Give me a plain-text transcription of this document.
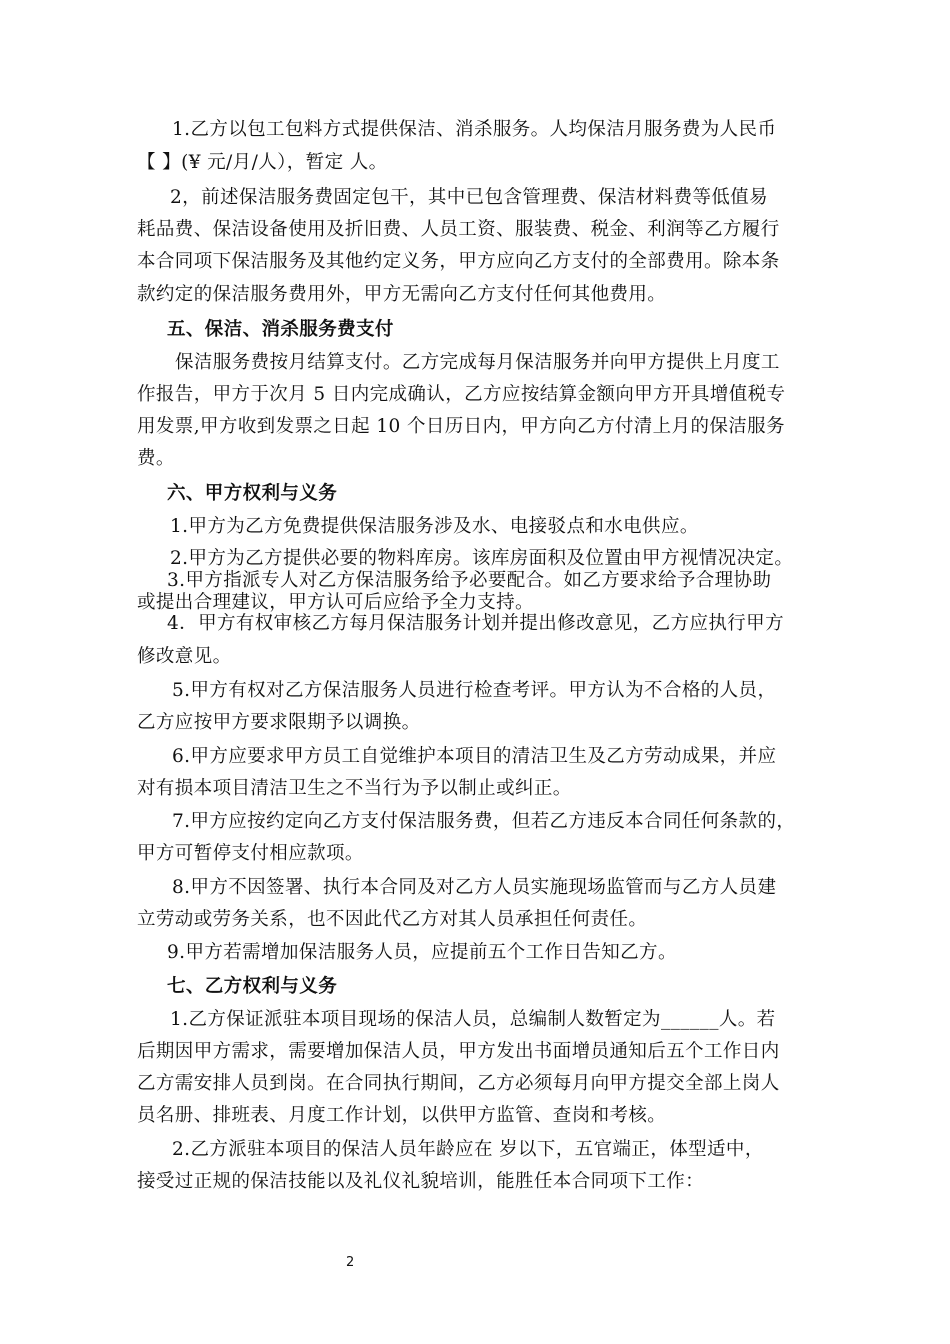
1.乙方以包工包料方式提供保洁、消杀服务。人均保洁月服务费为人民币
【 】(¥ 元/月/人），暂定 人。
2，前述保洁服务费固定包干，其中已包含管理费、保洁材料费等低值易
耗品费、保洁设备使用及折旧费、人员工资、服装费、税金、利润等乙方履行
本合同项下保洁服务及其他约定义务，甲方应向乙方支付的全部费用。除本条
款约定的保洁服务费用外，甲方无需向乙方支付任何其他费用。
五、保洁、消杀服务费支付
保洁服务费按月结算支付。乙方完成每月保洁服务并向甲方提供上月度工
作报告，甲方于次月 5 日内完成确认，乙方应按结算金额向甲方开具增值税专
用发票,甲方收到发票之日起 10 个日历日内，甲方向乙方付清上月的保洁服务
费。
六、甲方权利与义务
1.甲方为乙方免费提供保洁服务涉及水、电接驳点和水电供应。
2.甲方为乙方提供必要的物料库房。该库房面积及位置由甲方视情况决定。
3.甲方指派专人对乙方保洁服务给予必要配合。如乙方要求给予合理协助
或提出合理建议，甲方认可后应给予全力支持。
4．甲方有权审核乙方每月保洁服务计划并提出修改意见，乙方应执行甲方
修改意见。
5.甲方有权对乙方保洁服务人员进行检查考评。甲方认为不合格的人员，
乙方应按甲方要求限期予以调换。
6.甲方应要求甲方员工自觉维护本项目的清洁卫生及乙方劳动成果，并应
对有损本项目清洁卫生之不当行为予以制止或纠正。
7.甲方应按约定向乙方支付保洁服务费，但若乙方违反本合同任何条款的，
甲方可暂停支付相应款项。
8.甲方不因签署、执行本合同及对乙方人员实施现场监管而与乙方人员建
立劳动或劳务关系，也不因此代乙方对其人员承担任何责任。
9.甲方若需增加保洁服务人员，应提前五个工作日告知乙方。
七、乙方权利与义务
1.乙方保证派驻本项目现场的保洁人员，总编制人数暂定为______人。若
后期因甲方需求，需要增加保洁人员，甲方发出书面增员通知后五个工作日内
乙方需安排人员到岗。在合同执行期间，乙方必须每月向甲方提交全部上岗人
员名册、排班表、月度工作计划，以供甲方监管、查岗和考核。
2.乙方派驻本项目的保洁人员年龄应在 岁以下，五官端正，体型适中，
接受过正规的保洁技能以及礼仪礼貌培训，能胜任本合同项下工作：
2
